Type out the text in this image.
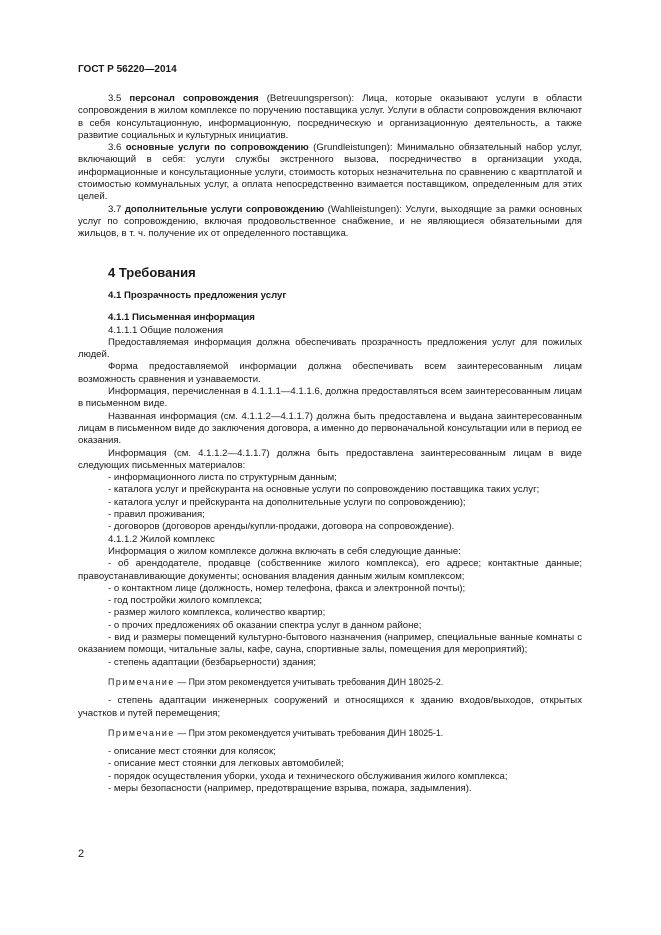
ГОСТ Р 56220—2014

3.5 персонал сопровождения (Betreuungsperson): Лица, которые оказывают услуги в области сопровождения в жилом комплексе по поручению поставщика услуг. Услуги в области сопровождения включают в себя консультационную, информационную, посредническую и организационную деятельность, а также развитие социальных и культурных инициатив.

3.6 основные услуги по сопровождению (Grundleistungen): Минимально обязательный набор услуг, включающий в себя: услуги службы экстренного вызова, посредничество в организации ухода, информационные и консультационные услуги, стоимость которых незначительна по сравнению с квартплатой и стоимостью коммунальных услуг, а оплата непосредственно взимается поставщиком, определенным для этих целей.

3.7 дополнительные услуги сопровождению (Wahlleistungen): Услуги, выходящие за рамки основных услуг по сопровождению, включая продовольственное снабжение, и не являющиеся обязательными для жильцов, в т. ч. получение их от определенного поставщика.

4 Требования

4.1 Прозрачность предложения услуг

4.1.1 Письменная информация

4.1.1.1 Общие положения

Предоставляемая информация должна обеспечивать прозрачность предложения услуг для пожилых людей.

Форма предоставляемой информации должна обеспечивать всем заинтересованным лицам возможность сравнения и узнаваемости.

Информация, перечисленная в 4.1.1.1—4.1.1.6, должна предоставляться всем заинтересованным лицам в письменном виде.

Названная информация (см. 4.1.1.2—4.1.1.7) должна быть предоставлена и выдана заинтересованным лицам в письменном виде до заключения договора, а именно до первоначальной консультации или в период ее оказания.

Информация (см. 4.1.1.2—4.1.1.7) должна быть предоставлена заинтересованным лицам в виде следующих письменных материалов:

- информационного листа по структурным данным;

- каталога услуг и прейскуранта на основные услуги по сопровождению поставщика таких услуг;

- каталога услуг и прейскуранта на дополнительные услуги по сопровождению);

- правил проживания;

- договоров (договоров аренды/купли-продажи, договора на сопровождение).

4.1.1.2 Жилой комплекс

Информация о жилом комплексе должна включать в себя следующие данные:

- об арендодателе, продавце (собственнике жилого комплекса), его адресе; контактные данные; правоустанавливающие документы; основания владения данным жилым комплексом;

- о контактном лице (должность, номер телефона, факса и электронной почты);

- год постройки жилого комплекса;

- размер жилого комплекса, количество квартир;

- о прочих предложениях об оказании спектра услуг в данном районе;

- вид и размеры помещений культурно-бытового назначения (например, специальные ванные комнаты с оказанием помощи, читальные залы, кафе, сауна, спортивные залы, помещения для мероприятий);

- степень адаптации (безбарьерности) здания;

Примечание — При этом рекомендуется учитывать требования ДИН 18025-2.

- степень адаптации инженерных сооружений и относящихся к зданию входов/выходов, открытых участков и путей перемещения;

Примечание — При этом рекомендуется учитывать требования ДИН 18025-1.

- описание мест стоянки для колясок;

- описание мест стоянки для легковых автомобилей;

- порядок осуществления уборки, ухода и технического обслуживания жилого комплекса;

- меры безопасности (например, предотвращение взрыва, пожара, задымления).

2
